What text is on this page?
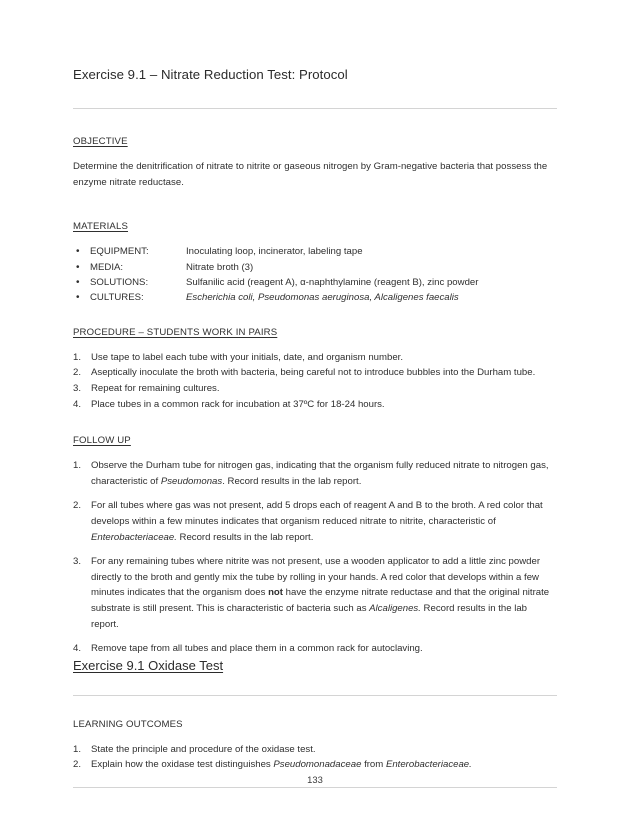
Exercise 9.1 – Nitrate Reduction Test: Protocol
OBJECTIVE
Determine the denitrification of nitrate to nitrite or gaseous nitrogen by Gram-negative bacteria that possess the enzyme nitrate reductase.
MATERIALS
•	EQUIPMENT:	Inoculating loop, incinerator, labeling tape
•	MEDIA:	Nitrate broth (3)
•	SOLUTIONS:	Sulfanilic acid (reagent A), α-naphthylamine (reagent B), zinc powder
•	CULTURES:	Escherichia coli, Pseudomonas aeruginosa, Alcaligenes faecalis
PROCEDURE – STUDENTS WORK IN PAIRS
1.	Use tape to label each tube with your initials, date, and organism number.
2.	Aseptically inoculate the broth with bacteria, being careful not to introduce bubbles into the Durham tube.
3.	Repeat for remaining cultures.
4.	Place tubes in a common rack for incubation at 37ºC for 18-24 hours.
FOLLOW UP
1.	Observe the Durham tube for nitrogen gas, indicating that the organism fully reduced nitrate to nitrogen gas, characteristic of Pseudomonas. Record results in the lab report.
2.	For all tubes where gas was not present, add 5 drops each of reagent A and B to the broth. A red color that develops within a few minutes indicates that organism reduced nitrate to nitrite, characteristic of Enterobacteriaceae. Record results in the lab report.
3.	For any remaining tubes where nitrite was not present, use a wooden applicator to add a little zinc powder directly to the broth and gently mix the tube by rolling in your hands. A red color that develops within a few minutes indicates that the organism does not have the enzyme nitrate reductase and that the original nitrate substrate is still present. This is characteristic of bacteria such as Alcaligenes. Record results in the lab report.
4.	Remove tape from all tubes and place them in a common rack for autoclaving.
Exercise 9.1 Oxidase Test
LEARNING OUTCOMES
1.	State the principle and procedure of the oxidase test.
2.	Explain how the oxidase test distinguishes Pseudomonadaceae from Enterobacteriaceae.
133
